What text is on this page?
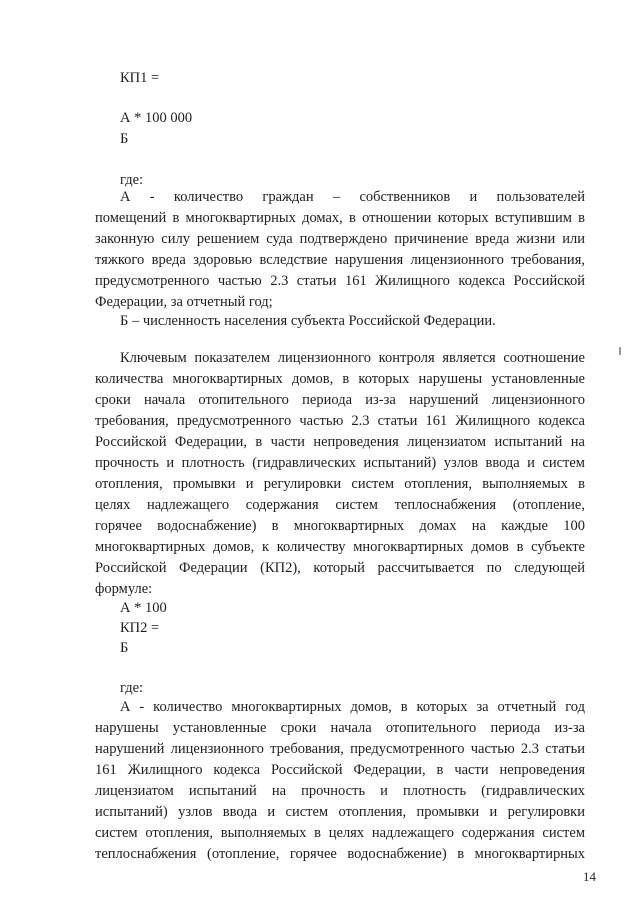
КП1 =
А * 100 000
Б
где:
А - количество граждан – собственников и пользователей
помещений в многоквартирных домах, в отношении которых вступившим в
законную силу решением суда подтверждено причинение вреда жизни или
тяжкого вреда здоровью вследствие нарушения лицензионного требования,
предусмотренного частью 2.3 статьи 161 Жилищного кодекса Российской
Федерации, за отчетный год;
Б – численность населения субъекта Российской Федерации.
Ключевым показателем лицензионного контроля является соотношение
количества многоквартирных домов, в которых нарушены установленные
сроки начала отопительного периода из-за нарушений лицензионного
требования, предусмотренного частью 2.3 статьи 161 Жилищного кодекса
Российской Федерации, в части непроведения лицензиатом испытаний на
прочность и плотность (гидравлических испытаний) узлов ввода и систем
отопления, промывки и регулировки систем отопления, выполняемых в
целях надлежащего содержания систем теплоснабжения (отопление,
горячее водоснабжение) в многоквартирных домах на каждые 100
многоквартирных домов, к количеству многоквартирных домов в субъекте
Российской Федерации (КП2), который рассчитывается по следующей
формуле:
А * 100
КП2 =
Б
где:
А - количество многоквартирных домов, в которых за отчетный год
нарушены установленные сроки начала отопительного периода из-за
нарушений лицензионного требования, предусмотренного частью 2.3 статьи
161 Жилищного кодекса Российской Федерации, в части непроведения
лицензиатом испытаний на прочность и плотность (гидравлических
испытаний) узлов ввода и систем отопления, промывки и регулировки
систем отопления, выполняемых в целях надлежащего содержания систем
теплоснабжения (отопление, горячее водоснабжение) в многоквартирных
14
